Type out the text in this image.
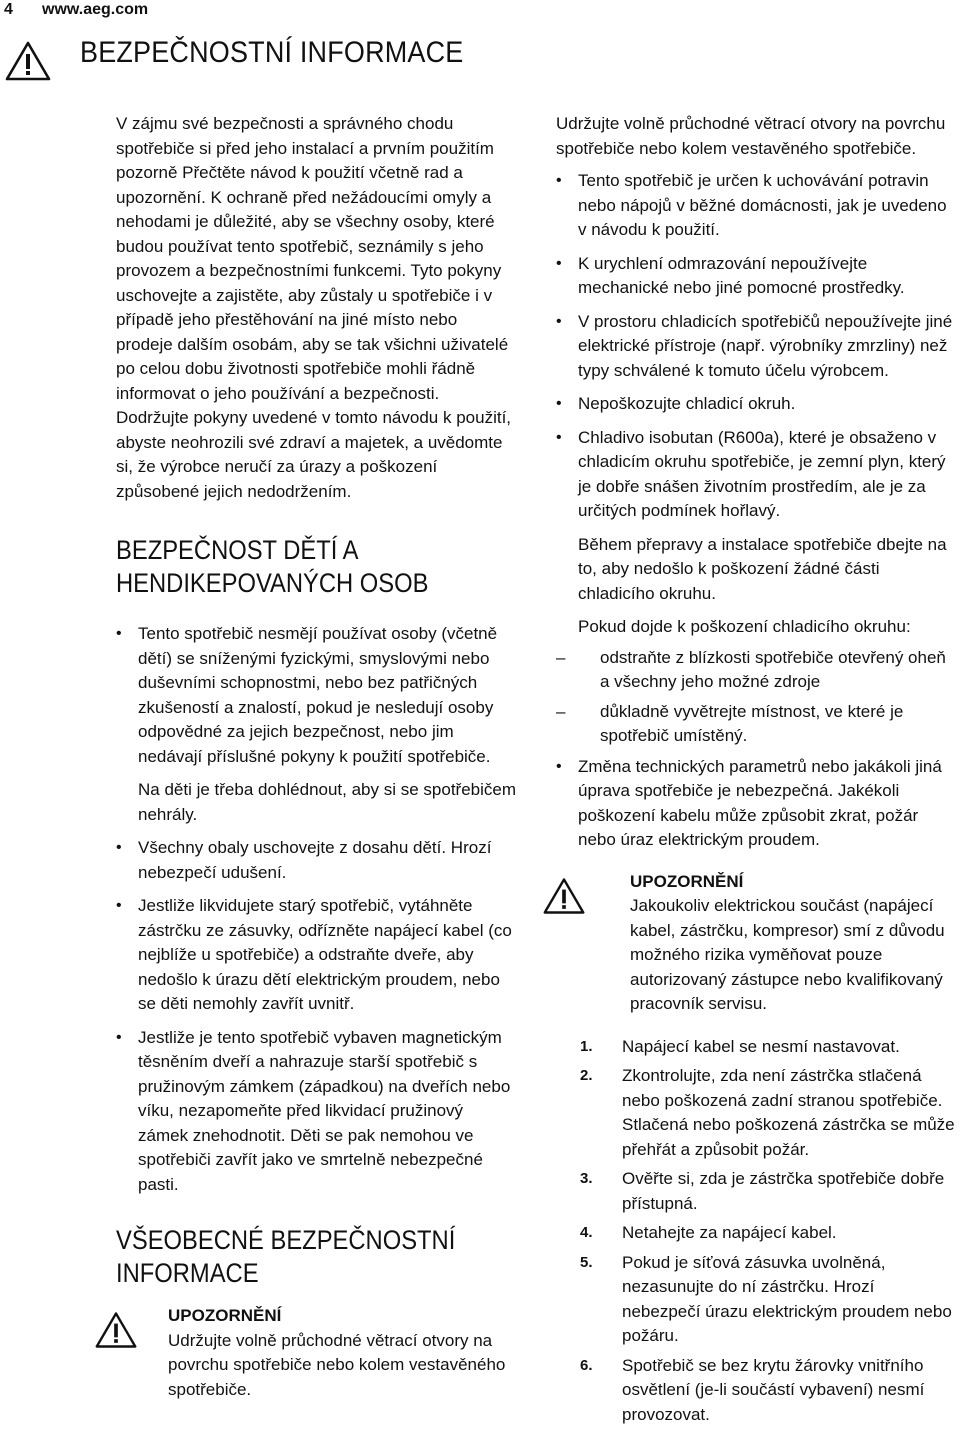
4 www.aeg.com
BEZPEČNOSTNÍ INFORMACE

V zájmu své bezpečnosti a správného chodu spotřebiče si před jeho instalací a prvním použitím pozorně Přečtěte návod k použití včetně rad a upozornění. K ochraně před nežádoucími omyly a nehodami je důležité, aby se všechny osoby, které budou používat tento spotřebič, seznámily s jeho provozem a bezpečnostními funkcemi. Tyto pokyny uschovejte a zajistěte, aby zůstaly u spotřebiče i v případě jeho přestěhování na jiné místo nebo prodeje dalším osobám, aby se tak všichni uživatelé po celou dobu životnosti spotřebiče mohli řádně informovat o jeho používání a bezpečnosti.

Dodržujte pokyny uvedené v tomto návodu k použití, abyste neohrozili své zdraví a majetek, a uvědomte si, že výrobce neručí za úrazy a poškození způsobené jejich nedodržením.

BEZPEČNOST DĚTÍ A HENDIKEPOVANÝCH OSOB
• Tento spotřebič nesmějí používat osoby (včetně dětí) se sníženými fyzickými, smyslovými nebo duševními schopnostmi, nebo bez patřičných zkušeností a znalostí, pokud je nesledují osoby odpovědné za jejich bezpečnost, nebo jim nedávají příslušné pokyny k použití spotřebiče.
Na děti je třeba dohlédnout, aby si se spotřebičem nehrály.
• Všechny obaly uschovejte z dosahu dětí. Hrozí nebezpečí udušení.
• Jestliže likvidujete starý spotřebič, vytáhněte zástrčku ze zásuvky, odřízněte napájecí kabel (co nejblíže u spotřebiče) a odstraňte dveře, aby nedošlo k úrazu dětí elektrickým proudem, nebo se děti nemohly zavřít uvnitř.
• Jestliže je tento spotřebič vybaven magnetickým těsněním dveří a nahrazuje starší spotřebič s pružinovým zámkem (západkou) na dveřích nebo víku, nezapomeňte před likvidací pružinový zámek znehodnotit. Děti se pak nemohou ve spotřebiči zavřít jako ve smrtelně nebezpečné pasti.
VŠEOBECNÉ BEZPEČNOSTNÍ INFORMACE
UPOZORNĚNÍ
Udržujte volně průchodné větrací otvory na povrchu spotřebiče nebo kolem vestavěného spotřebiče.

Udržujte volně průchodné větrací otvory na povrchu spotřebiče nebo kolem vestavěného spotřebiče.

• Tento spotřebič je určen k uchovávání potravin nebo nápojů v běžné domácnosti, jak je uvedeno v návodu k použití.
• K urychlení odmrazování nepoužívejte mechanické nebo jiné pomocné prostředky.
• V prostoru chladicích spotřebičů nepoužívejte jiné elektrické přístroje (např. výrobníky zmrzliny) než typy schválené k tomuto účelu výrobcem.
• Nepoškozujte chladicí okruh.
• Chladivo isobutan (R600a), které je obsaženo v chladicím okruhu spotřebiče, je zemní plyn, který je dobře snášen životním prostředím, ale je za určitých podmínek hořlavý.
Během přepravy a instalace spotřebiče dbejte na to, aby nedošlo k poškození žádné části chladicího okruhu.
Pokud dojde k poškození chladicího okruhu:
– odstraňte z blízkosti spotřebiče otevřený oheň a všechny jeho možné zdroje
– důkladně vyvětrejte místnost, ve které je spotřebič umístěný.
• Změna technických parametrů nebo jakákoli jiná úprava spotřebiče je nebezpečná. Jakékoli poškození kabelu může způsobit zkrat, požár nebo úraz elektrickým proudem.
UPOZORNĚNÍ
Jakoukoliv elektrickou součást (napájecí kabel, zástrčku, kompresor) smí z důvodu možného rizika vyměňovat pouze autorizovaný zástupce nebo kvalifikovaný pracovník servisu.
1. Napájecí kabel se nesmí nastavovat.
2. Zkontrolujte, zda není zástrčka stlačená nebo poškozená zadní stranou spotřebiče. Stlačená nebo poškozená zástrčka se může přehřát a způsobit požár.
3. Ověřte si, zda je zástrčka spotřebiče dobře přístupná.
4. Netahejte za napájecí kabel.
5. Pokud je síťová zásuvka uvolněná, nezasunujte do ní zástrčku. Hrozí nebezpečí úrazu elektrickým proudem nebo požáru.
6. Spotřebič se bez krytu žárovky vnitřního osvětlení (je-li součástí vybavení) nesmí provozovat.
